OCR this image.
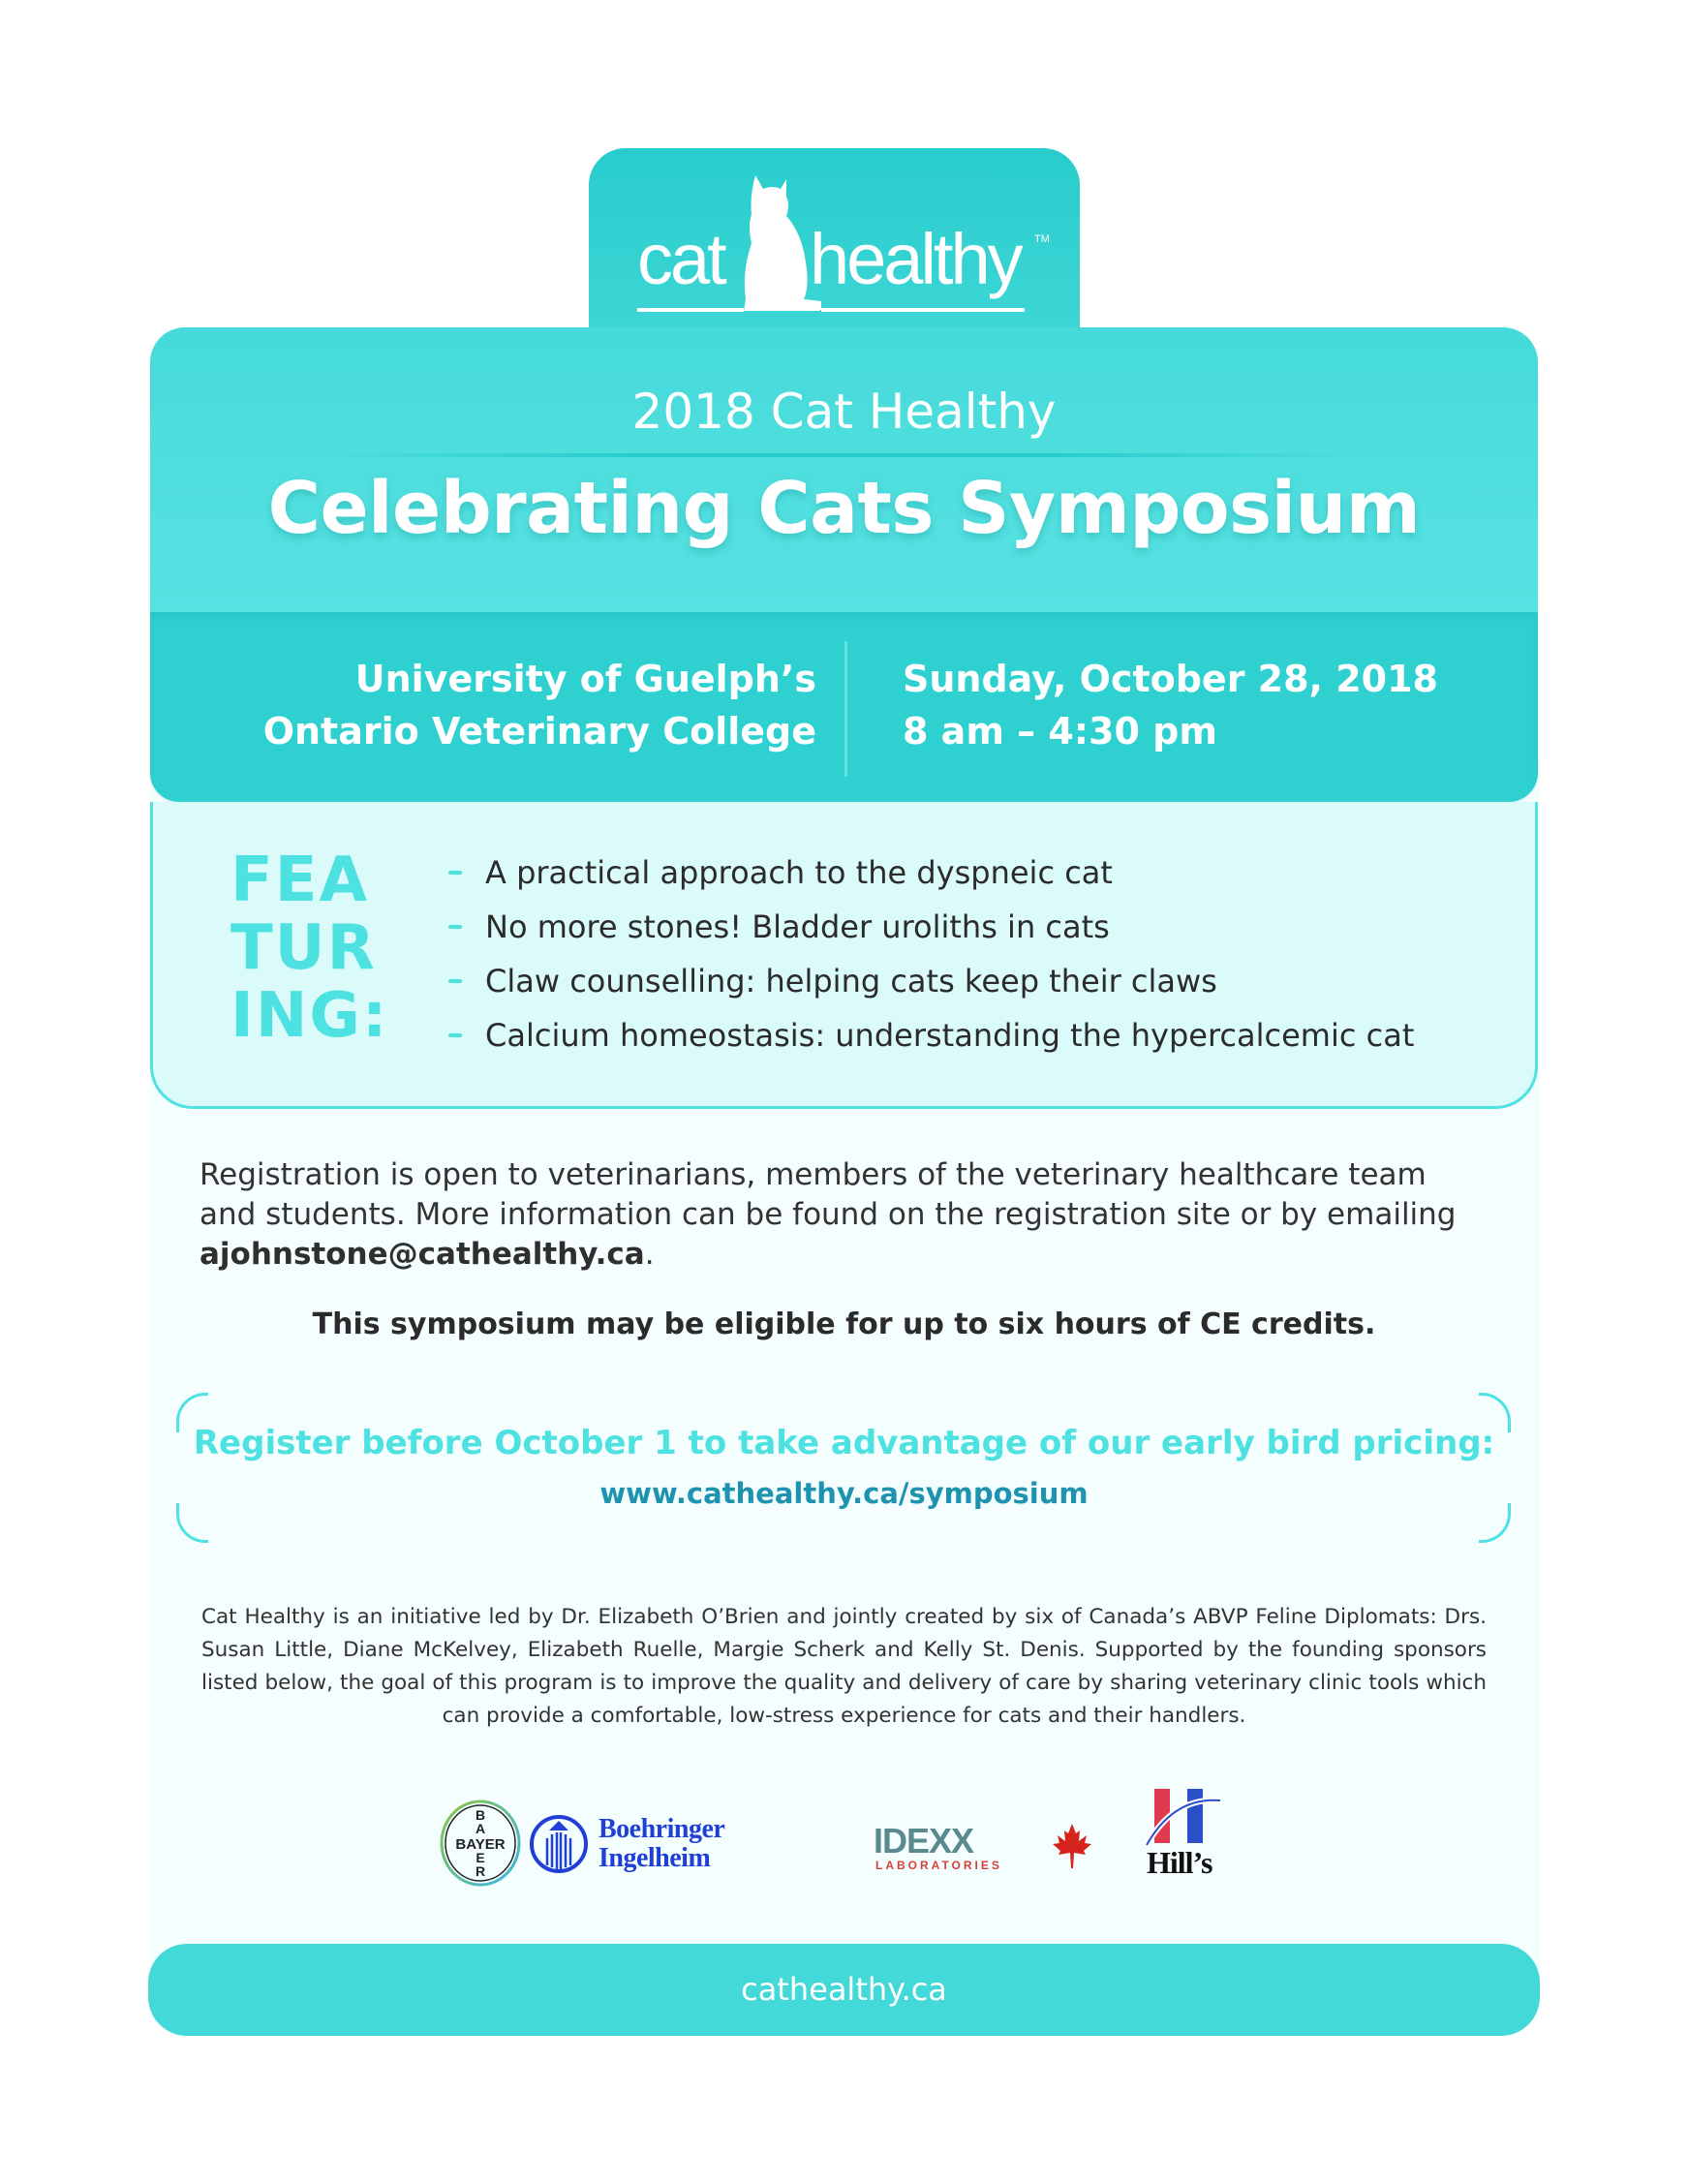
cat healthy TM
2018 Cat Healthy
Celebrating Cats Symposium
University of Guelph’s
Ontario Veterinary College
Sunday, October 28, 2018
8 am – 4:30 pm
FEA
TUR
ING:
A practical approach to the dyspneic cat
No more stones! Bladder uroliths in cats
Claw counselling: helping cats keep their claws
Calcium homeostasis: understanding the hypercalcemic cat
Registration is open to veterinarians, members of the veterinary healthcare team and students. More information can be found on the registration site or by emailing ajohnstone@cathealthy.ca.
This symposium may be eligible for up to six hours of CE credits.
Register before October 1 to take advantage of our early bird pricing:
www.cathealthy.ca/symposium
Cat Healthy is an initiative led by Dr. Elizabeth O’Brien and jointly created by six of Canada’s ABVP Feline Diplomats: Drs. Susan Little, Diane McKelvey, Elizabeth Ruelle, Margie Scherk and Kelly St. Denis. Supported by the founding sponsors listed below, the goal of this program is to improve the quality and delivery of care by sharing veterinary clinic tools which can provide a comfortable, low-stress experience for cats and their handlers.
B
A
BAYER
E
R
Boehringer
Ingelheim	IDEXX
LABORATORIES	Hill’s
cathealthy.ca
